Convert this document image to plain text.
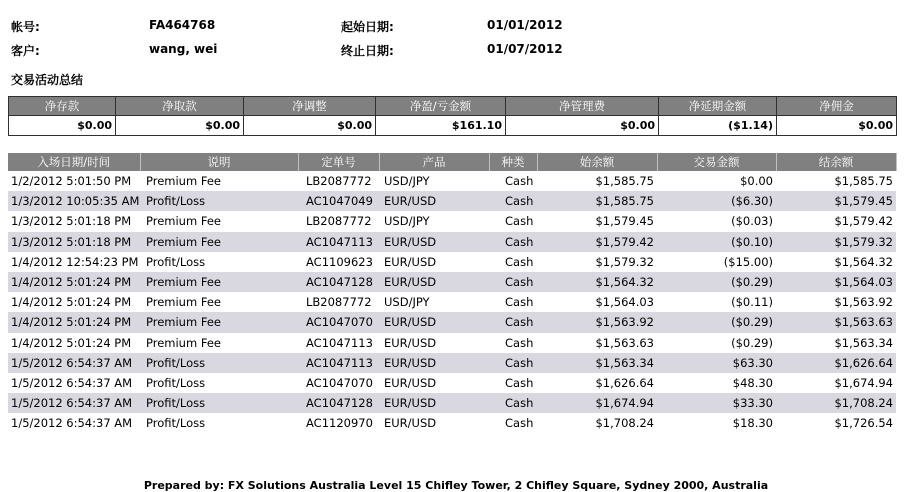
帐号:	FA464768
客户:	wang, wei
起始日期:	01/01/2012
终止日期:	01/07/2012
交易活动总结
净存款	净取款	净调整	净盈/亏金额	净管理费	净延期金额	净佣金
$0.00	$0.00	$0.00	$161.10	$0.00	($1.14)	$0.00
入场日期/时间	说明	定单号	产品	种类	始余额	交易金额	结余额
1/2/2012 5:01:50 PM	Premium Fee	LB2087772	USD/JPY	Cash	$1,585.75	$0.00	$1,585.75
1/3/2012 10:05:35 AM	Profit/Loss	AC1047049	EUR/USD	Cash	$1,585.75	($6.30)	$1,579.45
1/3/2012 5:01:18 PM	Premium Fee	LB2087772	USD/JPY	Cash	$1,579.45	($0.03)	$1,579.42
1/3/2012 5:01:18 PM	Premium Fee	AC1047113	EUR/USD	Cash	$1,579.42	($0.10)	$1,579.32
1/4/2012 12:54:23 PM	Profit/Loss	AC1109623	EUR/USD	Cash	$1,579.32	($15.00)	$1,564.32
1/4/2012 5:01:24 PM	Premium Fee	AC1047128	EUR/USD	Cash	$1,564.32	($0.29)	$1,564.03
1/4/2012 5:01:24 PM	Premium Fee	LB2087772	USD/JPY	Cash	$1,564.03	($0.11)	$1,563.92
1/4/2012 5:01:24 PM	Premium Fee	AC1047070	EUR/USD	Cash	$1,563.92	($0.29)	$1,563.63
1/4/2012 5:01:24 PM	Premium Fee	AC1047113	EUR/USD	Cash	$1,563.63	($0.29)	$1,563.34
1/5/2012 6:54:37 AM	Profit/Loss	AC1047113	EUR/USD	Cash	$1,563.34	$63.30	$1,626.64
1/5/2012 6:54:37 AM	Profit/Loss	AC1047070	EUR/USD	Cash	$1,626.64	$48.30	$1,674.94
1/5/2012 6:54:37 AM	Profit/Loss	AC1047128	EUR/USD	Cash	$1,674.94	$33.30	$1,708.24
1/5/2012 6:54:37 AM	Profit/Loss	AC1120970	EUR/USD	Cash	$1,708.24	$18.30	$1,726.54
Prepared by: FX Solutions Australia Level 15 Chifley Tower, 2 Chifley Square, Sydney 2000, Australia
